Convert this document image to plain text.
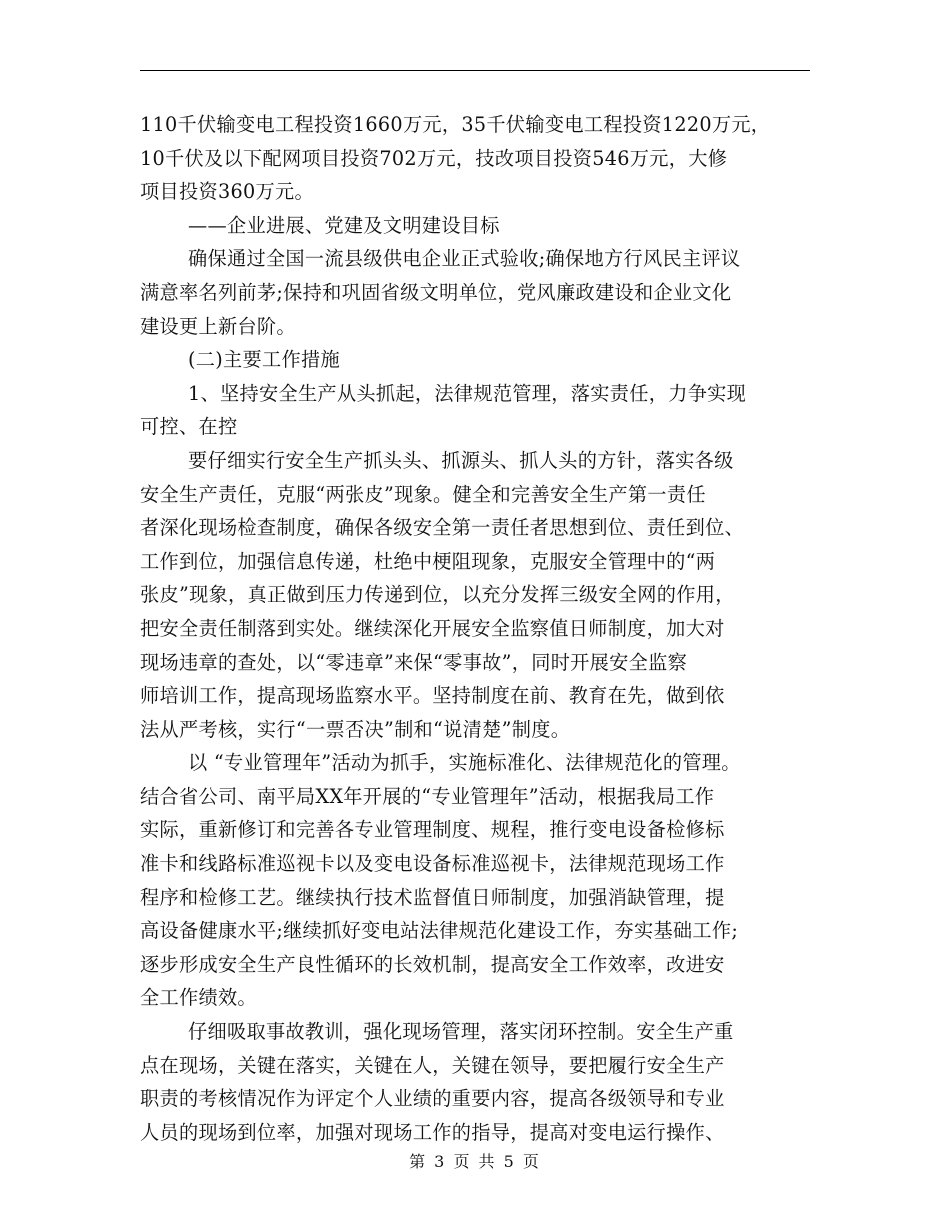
110千伏输变电工程投资1660万元，35千伏输变电工程投资1220万元，
10千伏及以下配网项目投资702万元，技改项目投资546万元，大修
项目投资360万元。
——企业进展、党建及文明建设目标
确保通过全国一流县级供电企业正式验收;确保地方行风民主评议
满意率名列前茅;保持和巩固省级文明单位，党风廉政建设和企业文化
建设更上新台阶。
(二)主要工作措施
1、坚持安全生产从头抓起，法律规范管理，落实责任，力争实现
可控、在控
要仔细实行安全生产抓头头、抓源头、抓人头的方针，落实各级
安全生产责任，克服“两张皮”现象。健全和完善安全生产第一责任
者深化现场检查制度，确保各级安全第一责任者思想到位、责任到位、
工作到位，加强信息传递，杜绝中梗阻现象，克服安全管理中的“两
张皮”现象，真正做到压力传递到位，以充分发挥三级安全网的作用，
把安全责任制落到实处。继续深化开展安全监察值日师制度，加大对
现场违章的查处，以“零违章”来保“零事故”，同时开展安全监察
师培训工作，提高现场监察水平。坚持制度在前、教育在先，做到依
法从严考核，实行“一票否决”制和“说清楚”制度。
以 “专业管理年”活动为抓手，实施标准化、法律规范化的管理。
结合省公司、南平局XX年开展的“专业管理年”活动，根据我局工作
实际，重新修订和完善各专业管理制度、规程，推行变电设备检修标
准卡和线路标准巡视卡以及变电设备标准巡视卡，法律规范现场工作
程序和检修工艺。继续执行技术监督值日师制度，加强消缺管理，提
高设备健康水平;继续抓好变电站法律规范化建设工作，夯实基础工作;
逐步形成安全生产良性循环的长效机制，提高安全工作效率，改进安
全工作绩效。
仔细吸取事故教训，强化现场管理，落实闭环控制。安全生产重
点在现场，关键在落实，关键在人，关键在领导，要把履行安全生产
职责的考核情况作为评定个人业绩的重要内容，提高各级领导和专业
人员的现场到位率，加强对现场工作的指导，提高对变电运行操作、
第 3 页 共 5 页
